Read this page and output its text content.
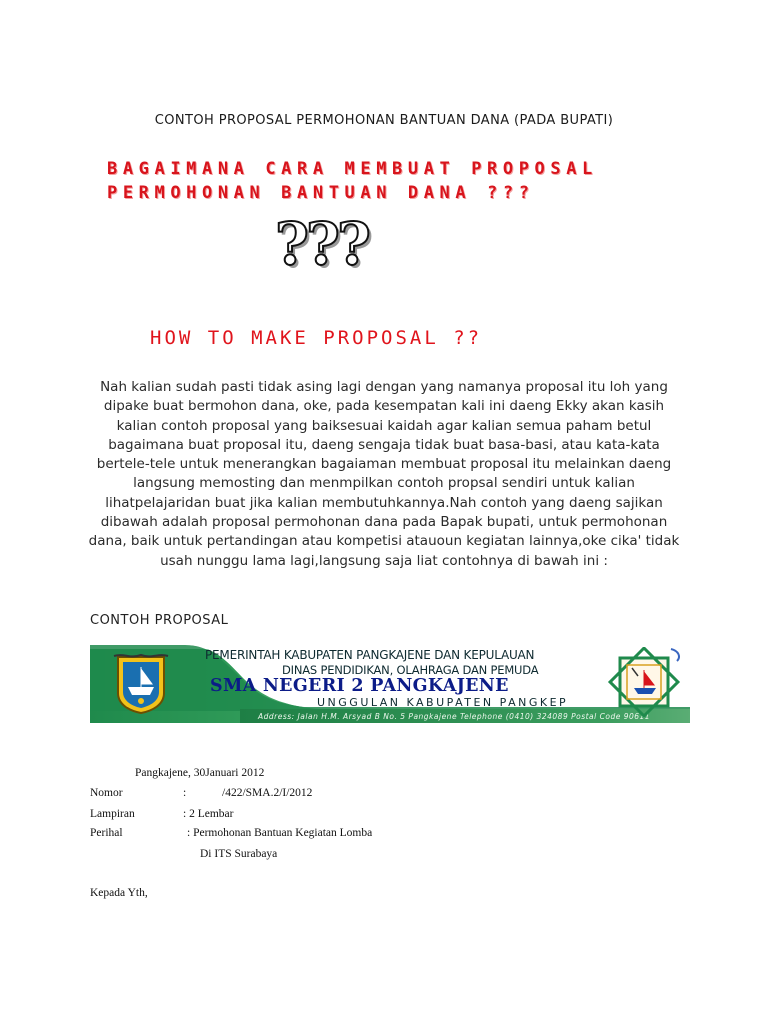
CONTOH PROPOSAL PERMOHONAN BANTUAN DANA (PADA BUPATI)
BAGAIMANA CARA MEMBUAT PROPOSAL
PERMOHONAN BANTUAN DANA ???
???
HOW TO MAKE PROPOSAL ??
Nah kalian sudah pasti tidak asing lagi dengan yang namanya proposal itu loh yang
dipake buat bermohon dana, oke, pada kesempatan kali ini daeng Ekky akan kasih
kalian contoh proposal yang baiksesuai kaidah agar kalian semua paham betul
bagaimana buat proposal itu, daeng sengaja tidak buat basa-basi, atau kata-kata
bertele-tele untuk menerangkan bagaiaman membuat proposal itu melainkan daeng
langsung memosting dan menmpilkan contoh propsal sendiri untuk kalian
lihatpelajaridan buat jika kalian membutuhkannya.Nah contoh yang daeng sajikan
dibawah adalah proposal permohonan dana pada Bapak bupati, untuk permohonan
dana, baik untuk pertandingan atau kompetisi atauoun kegiatan lainnya,oke cika' tidak
usah nunggu lama lagi,langsung saja liat contohnya di bawah ini :
CONTOH PROPOSAL
PEMERINTAH KABUPATEN PANGKAJENE DAN KEPULAUAN
DINAS PENDIDIKAN, OLAHRAGA DAN PEMUDA
SMA NEGERI 2 PANGKAJENE
UNGGULAN KABUPATEN PANGKEP
Address: Jalan H.M. Arsyad B No. 5 Pangkajene Telephone (0410) 324089 Postal Code 90611
Pangkajene, 30Januari 2012
Nomor	:	/422/SMA.2/I/2012
Lampiran	: 2 Lembar
Perihal	: Permohonan Bantuan Kegiatan Lomba
Di ITS Surabaya
Kepada Yth,
